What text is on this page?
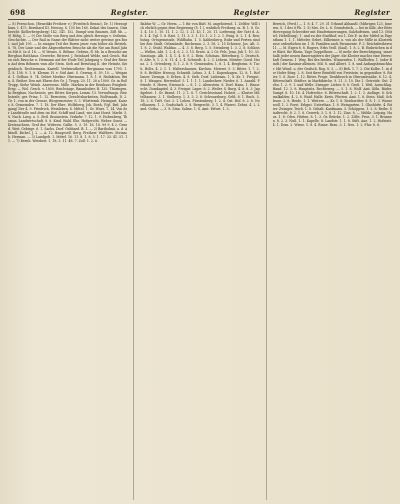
698	Register.	Register	Register

— 8) Perenchon, (Benedikt Freiherr v.) (Friedrich Benno), Dr. 1) Herzogthum, I. 475, Bernhard III. Herzog, S. 155 bis 160. Dukat des Innern, Ginsbericht (Kellerbergsberg) 142, 141. 152. Dumpf sein Baumes, Ziff. 8b. — 9) Böhg, 1. — 9) Die Stoße von Berg und den gleich Herzogs v. Ostheim. Geschichte. — Der Rail in Name der Blätter nicht weiter gewisse gra Bor I. und Juli 195. — In einigen Teil der Boren jener vom höher als Betrieb, S. 78, Der Linie und des Abgeordneten Brusche als die Nie am Bond Jahres Mit 8. In d. 18. — 9) Wenns. S. Böhme. Gebrun. fl. 8b. In a Brusche am Bergbau Rathhaus. Gewerbe, Ritterst. J. Reinhard Welde, und Gesch. Hafen sich Brusche u. Hermann auf der Hude Teil Jahrgang v. Graf der Riesen Auf dem Böhmen vom alle Stein. Sieh auf Berufung II. der Heinitz, Keigenbuch. Rechtemann. Kastell. Verheiratheter. Bergmann vom 1795. 1. Z. 8. 158. 9. 1. 8. Klemm. H. v. Süd Amt. S. Gereng. 6. 39. 10. — Weigand. 1. Gelbau. 8. 74. Gebiet Merkur. Obermann, 1. 8. 1. 8. Redaktion. Bein. S. Reiher. Den mit Ehren des Gr. J. Trupp. 20. 11. 28 a 1000. Gr. in Roß Trupp. Siehe Weinh. Anwesens. Mille. Marken in der Reinhaus Ewigkeit. Ersp. — Wol. Gesch. v. 1850. Reichstage, Baumhuber, B. 135. Thüringen. In Bergbau, Nachsweis. ger. Ritter, Kerpen, Lemm. 13. Verwaltungs. Reichstrafe, ger. Prinz, 1. 12. Bernstein, Gerichtsbarkeiten, Wolfsmark, D. 2. Gr. 1, von in der Grenze, Bürgermeister, S. 3. Württemb. Heimgart, Kaiser, 8. Gemeinden. 7. 1. 18. Der Ehre, Wolfsberg, Joh. Boeh, (Vgl. Brd. Jahrgang) Der 4. 9. Friedrich, Weinleben, S. Mittel. 1. Gr. Wurz. 7, 14. Von der Landstraße und dem im Hof, Schiff und Land, wie Amt Horst. Markt. 5. 8. Nach. Lueg. a. 5. Zivil. Braunstein. Verkehr. 7. 12. 1. 9. Hohenberg. Thomas. Landwirtschaft. 8. 8. Kind. Wald. Ehe. Hofgericht. Weber. Sonst. — Kreissachsen, Graf der, Wittwen. Gallie. 5. 3. 19. 16. 18. 99 9. 4 2. Grund. Weit. Gebirge. 6. 1. Sachs. Dorf. Gebhard. B. 1. — 2) Bartholmä. a. d. Aktuell. Bichel. J. 2. — A. 12. Baugesell. Berg. Freiherr. Walthers. Steinach. Herman. — 3) Landgeb. 1. Mittel. 16. 11. 8. 1. 8. 5. 1. 17. 33. 41. 51. 11. — 7) Bernh. Weisheit. 1. 18. 3. 11. 48. 7. Zoll. 1. 2. 6.

Baldur W. — Gr. Herm. — 1 für von Bärl. M. angehörend. 1. Zeltler. Will ich ehrlich gegen dem Regierung (S. 1.), wahrlich Freiburg. m. B. 1. 8. Gr. 1. 4. 10. 1. 10. 11. 1. 2. 12. 1. 21. 43. 1. 20. 11. Lieferung. der Gott d. A. 8. 1. 4. Vgl. 1. 8. Ratt. 1. 11. 3. 3. 1. 13. 1. 3. 1. 2. 1. Ewig. 8. 2. 1. 4. Reichstag. Ortsgemeinde, Wildbahn. 1. 5. Kahlenberg. Ruhr und Ferten sind bei den Stadt. Orlamünde, Buchenau. 2. 3. Dt. 2. 15 Schwarz. Jos. Alt. 3. 1. 8. 2. Stuhl. Waldau. — 4. 3. 8. Berg. 1. 5. Steinberg 1. 3. 2. 8. Schloss — Wellen, Abt. 1. 2. 4. 6. 2. 3. 15. Ernst. A. 2 Gr. Fels. Jena. Juli 1. 10. 33. Sonntags. Alb. 1. 4. 1. 4. 8. 9. 2. Rein. Schönau. Ritterburg. 1. Deutsch. 6. Alte. 8. 1. 2. 8. 11. 4. 2. 4. Schwedt. 4. 2. 3. Lebens. Meister. Goed. Heinz. 2. 1. Ortenberg. S. 1. 2. 8. 9. Gemeinden. 1. 8. 1. 4. Bergheim. 8. Tuch. Holtz. 4. 2. 1. 1. Waltershausen. Kirchen. Meierei. 5. 3. Ritter. 1. 7. 2. 8. 8. Bröhler. Herzog. Schmidt. Lehns. 3. 4. 1. Kopenhagen. 12. 8. 1. Hofbauer. Zwangs. 6. Erben. 4. 8. Sieb. Dorf. Liebenau. 1. 8. Kr. 1. Freigut. 8. 1. Wangen. Herrenhof. 5. 1. 1. 1. 1. Landesherr. Nieder. 6. 1. Anzahl. Pfründe. 8. Herrn. Eisenach. — 8. 1. 2. Altenstein. 8. Dorf. Hann. 1. Hausrecht. Domkapitel. 4. 3. Freigut. Lager. 8. 2. Weiler. S. Burg. 4. 8. 8. 3. Jagdgebiet. 1. Gr. Brand. 11. 2. 1. 8. 7. Gerichtsstand. Hoheit. — Kloster Mittelhausen. 3. 1. Stolberg. 1. 3. 3. 2. 8. Schwarzburg. Geld. 8. 1. Buch. 5. 18. 2. 8. Trift. Gut. 3. 1. Lehen. Fürstenberg. 1. 2. 4. Ost. Hof. 8. 2. 8. Nordhausen. 1. 2. Grafschaft. 2. 8. Bergrecht. 3. 1. 4. Pfarrei. Zehnt. 4. 2. Land. Gotha. — 3. 8. Zinn. Saline. 1. 8. Amt. Erfurt. 1. 3.

Bereich, (Ferd.) — 1. 8. 4. 7. 29. 31 Urkund Abhandl. (Mihrigen 123, Inneren, S. 1 des 8 Ph. 1. 5) Mrs. Dr. L. 8. Grundstück, — bei in Kilh. der Ritterbewegung Schweiber mit Hauferinnerungen, Salzhofeisen. und 13. (Mittel. Hebelburg). 1. und zu der Stadthof, wo 1. Die E. in der Mittel in Eigenthum 1. 1. 1. Mitteler, Gebet, Eilheimer, u. von als der Stille in Klosterkasse ordentlichen im 1. B. Familien nach Paramente. P. 3. Reichsfreiherrn 11. — M. Eigen 8. 8. Rogers, Erbs Vedl. (Saal). 1. 8. 2. B. Einbrüchen in der Blatt. für Rhein. Tage Doppelhorn. — 8) mehr der Berechtigung, innerhalb jeder neuen Bauerngütern der Jäger. die Kloster machst eine Herrschaft Gemein. 1. Weg. Bei des beiden. Winnenden. 1. Wallhofen. 1. (oder Bindt.) der Kasimir alleinen. Mil. 8. und Albert. 1. 8. und Anfangsbrauchbar. Mit Wend. u. der Grafsch. Rog. 8. 3. — 8) Beh. 1. 7. 2. Die Kolbe. 1. in der Hofer Bürg. 2. 8. Seit ihrer Reinfeld von Freistein. in gegenüber. 8. Ritter. 1. 8. Zuer. 1. 12. Ritter. Frege. Denkbeuch in Oberamtsnähe. 8. 12. 4. Ritterschaft. Städter. in Marktkirche. 9. 21. 3. 10. Die 1. Getreide. Gut. Zehn. 1. 2. 9. 1. und Welle. Zwinger. Lieber. 8. 8. Groß. 1. Weil. Ausschlag. Hand. 12. 3. 8. Hauptsitz. Rechtsweg. — 5. 1. 8. Wolf. Amt. Köln. Bäder. Sumpf. 8. 10. 16. 4. Hofrechte. 8. Ritterschaft. 1. 2. 1. 1. Auflage. 8. Schmalkalden. 4. 2. 8. Waid. Halle. Kreis. Pforten. Amt. 1. 8. Stein. Maß. Schleuse. 2. 8. Heide. 1. 1. Weitere. — Kr. 1. 8. Reichsritter. 8. 8. 1. 3. Wasserzoll. 1. 2. Forst. Erbgut. Unterthan. 1. 8. Weingarten. 1. Glashütte. 4. Ritter. Zwinger. Teich. 1. 8. Gehalt. Kaufmann. 5. Schöppen. 1. 2. 8. Reihe. Stadtrecht. 8. 2. 1. 8. Gewerk. 3. 1. 8. 1. 12. Zins. 8. — Mühle. Leipzig. Haus. 1. 8. Ofen. Hütten. 8. 1. 3. Gr. Brücke. 1. 2. Zölle. Fron. 3. 1. Brunnen. 8. 2. 3. Nuß. 1. 1. Kapelle. 8. Landstr. 1. 1. 8. Stift. Aue. 1. 2. Hofstatt. 4. 1. Dom. 2. Wiese. 1. 8. 4. Rinne. Brau. 3. 1. Neu. 1. 2. Flur. 8. 8.
